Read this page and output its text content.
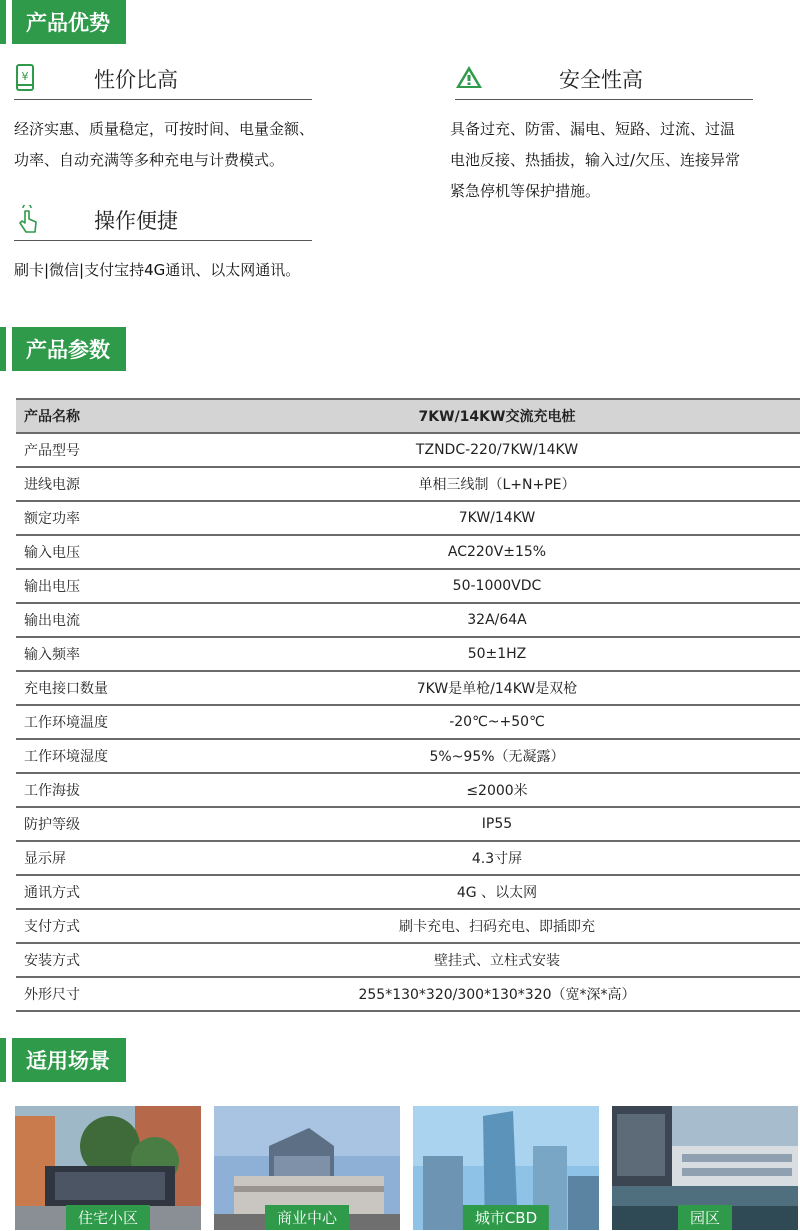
产品优势
¥	性价比高
经济实惠、质量稳定，可按时间、电量金额、
功率、自动充满等多种充电与计费模式。
安全性高
具备过充、防雷、漏电、短路、过流、过温
电池反接、热插拔，输入过/欠压、连接异常
紧急停机等保护措施。
操作便捷
刷卡|微信|支付宝持4G通讯、以太网通讯。
产品参数
产品名称	7KW/14KW交流充电桩
产品型号	TZNDC-220/7KW/14KW
进线电源	单相三线制（L+N+PE）
额定功率	7KW/14KW
输入电压	AC220V±15%
输出电压	50-1000VDC
输出电流	32A/64A
输入频率	50±1HZ
充电接口数量	7KW是单枪/14KW是双枪
工作环境温度	-20℃~+50℃
工作环境湿度	5%~95%（无凝露）
工作海拔	≤2000米
防护等级	IP55
显示屏	4.3寸屏
通讯方式	4G 、以太网
支付方式	刷卡充电、扫码充电、即插即充
安装方式	壁挂式、立柱式安装
外形尺寸	255*130*320/300*130*320（宽*深*高）
适用场景
住宅小区	商业中心	城市CBD	园区
